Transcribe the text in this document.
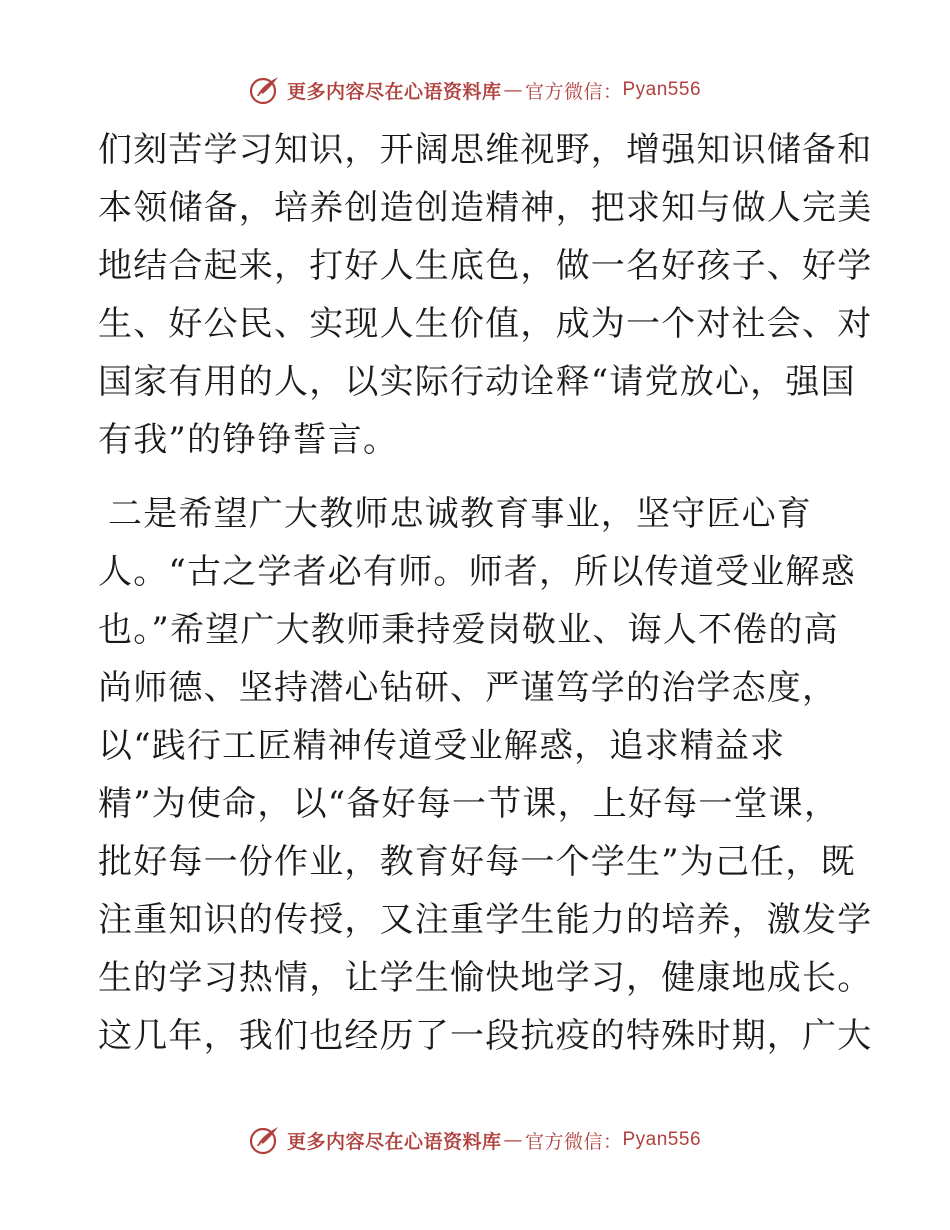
更多内容尽在心语资料库 — 官方微信： Pyan556
们刻苦学习知识，开阔思维视野，增强知识储备和
本领储备，培养创造创造精神，把求知与做人完美
地结合起来，打好人生底色，做一名好孩子、好学
生、好公民、实现人生价值，成为一个对社会、对
国家有用的人，以实际行动诠释“请党放心，强国
有我”的铮铮誓言。
二是希望广大教师忠诚教育事业，坚守匠心育
人。“古之学者必有师。师者，所以传道受业解惑
也。”希望广大教师秉持爱岗敬业、诲人不倦的高
尚师德、坚持潜心钻研、严谨笃学的治学态度，
以“践行工匠精神传道受业解惑，追求精益求
精”为使命，以“备好每一节课，上好每一堂课，
批好每一份作业，教育好每一个学生”为己任，既
注重知识的传授，又注重学生能力的培养，激发学
生的学习热情，让学生愉快地学习，健康地成长。
这几年，我们也经历了一段抗疫的特殊时期，广大
更多内容尽在心语资料库 — 官方微信： Pyan556
